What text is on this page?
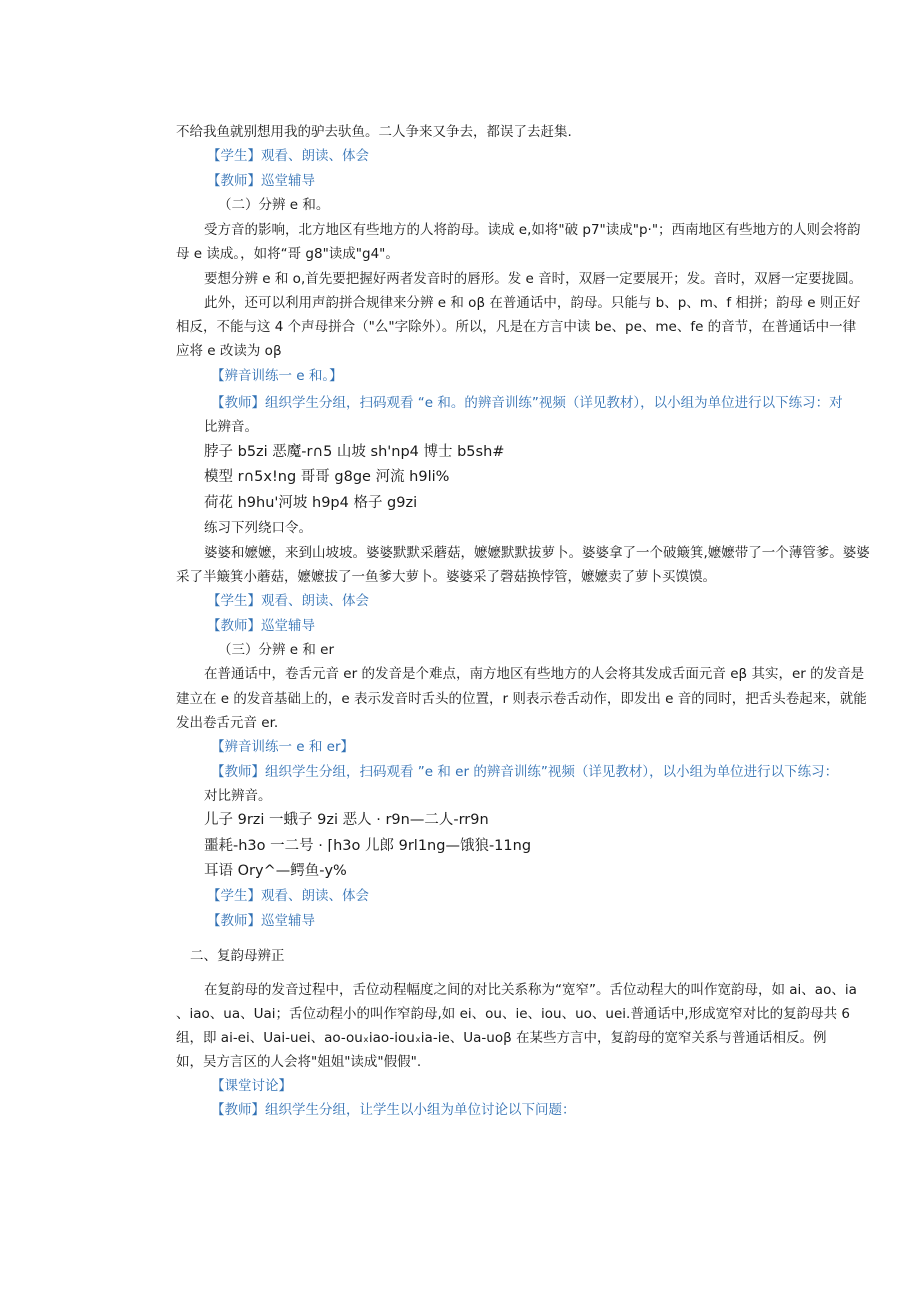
不给我鱼就别想用我的驴去驮鱼。二人争来又争去，都误了去赶集.
【学生】观看、朗读、体会
【教师】巡堂辅导
（二）分辨 e 和。
受方音的影响，北方地区有些地方的人将韵母。读成 e,如将"破 p7"读成"p·"；西南地区有些地方的人则会将韵
母 e 读成。，如将“哥 g8"读成"g4"。
要想分辨 e 和 o,首先要把握好两者发音时的唇形。发 e 音时，双唇一定要展开；发。音时，双唇一定要拢圆。
此外，还可以利用声韵拼合规律来分辨 e 和 oβ 在普通话中，韵母。只能与 b、p、m、f 相拼；韵母 e 则正好
相反，不能与这 4 个声母拼合（"么"字除外）。所以，凡是在方言中读 be、pe、me、fe 的音节，在普通话中一律
应将 e 改读为 oβ
【辨音训练一 e 和。】
【教师】组织学生分组，扫码观看 “e 和。的辨音训练”视频（详见教材），以小组为单位进行以下练习：对
比辨音。
脖子 b5zi 恶魔-r∩5 山坡 sh'np4 博士 b5sh#
模型 r∩5x!ng 哥哥 g8ge 河流 h9li%
荷花 h9hu'河坡 h9p4 格子 g9zi
练习下列绕口令。
婆婆和嬷嬷，来到山坡坡。婆婆默默采蘑菇，嬷嬷默默拔萝卜。婆婆拿了一个破簸箕,嬷嬷带了一个薄管爹。婆婆
采了半簸箕小蘑菇，嬷嬷拔了一鱼爹大萝卜。婆婆采了磬菇换悖管，嬷嬷卖了萝卜买馍馍。
【学生】观看、朗读、体会
【教师】巡堂辅导
（三）分辨 e 和 er
在普通话中，卷舌元音 er 的发音是个难点，南方地区有些地方的人会将其发成舌面元音 eβ 其实，er 的发音是
建立在 e 的发音基础上的，e 表示发音时舌头的位置，r 则表示卷舌动作，即发出 e 音的同时，把舌头卷起来，就能
发出卷舌元音 er.
【辨音训练一 e 和 er】
【教师】组织学生分组，扫码观看 ”e 和 er 的辨音训练”视频（详见教材），以小组为单位进行以下练习：
对比辨音。
儿子 9rzi 一蛾子 9zi 恶人 · r9n—二人-rr9n
噩耗-h3o 一二号 · ⌈h3o 儿郎 9rl1ng—饿狼-11ng
耳语 Ory^—鳄鱼-y%
【学生】观看、朗读、体会
【教师】巡堂辅导
二、复韵母辨正
在复韵母的发音过程中，舌位动程幅度之间的对比关系称为“宽窄”。舌位动程大的叫作宽韵母，如 ai、ao、ia
、iao、ua、Uai；舌位动程小的叫作窄韵母,如 ei、ou、ie、iou、uo、uei.普通话中,形成宽窄对比的复韵母共 6
组，即 ai-ei、Uai-uei、ao-ouₓiao-iouₓia-ie、Ua-uoβ 在某些方言中，复韵母的宽窄关系与普通话相反。例
如，吴方言区的人会将"姐姐"读成"假假".
【课堂讨论】
【教师】组织学生分组，让学生以小组为单位讨论以下问题：
